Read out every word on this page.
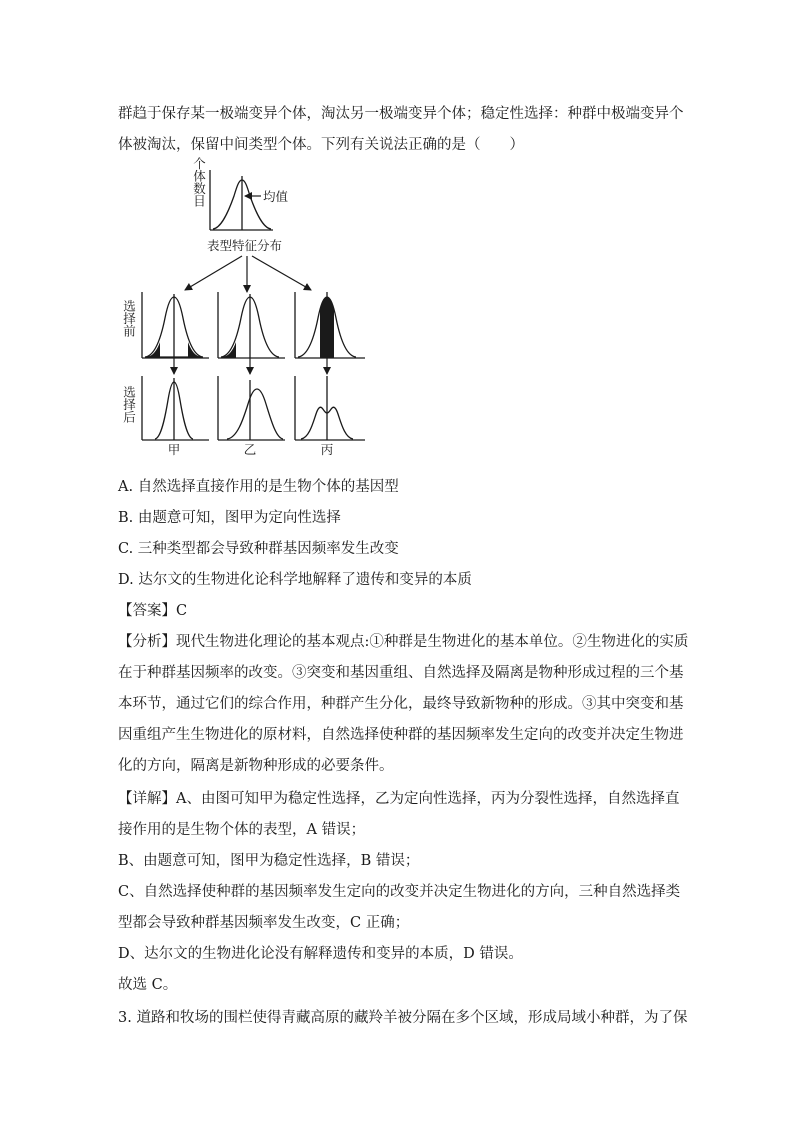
群趋于保存某一极端变异个体，淘汰另一极端变异个体；稳定性选择：种群中极端变异个
体被淘汰，保留中间类型个体。下列有关说法正确的是（　　）
个体数目	均值
表型特征分布
选择前
选择后
甲	乙	丙
A. 自然选择直接作用的是生物个体的基因型
B. 由题意可知，图甲为定向性选择
C. 三种类型都会导致种群基因频率发生改变
D. 达尔文的生物进化论科学地解释了遗传和变异的本质
【答案】C
【分析】现代生物进化理论的基本观点:①种群是生物进化的基本单位。②生物进化的实质
在于种群基因频率的改变。③突变和基因重组、自然选择及隔离是物种形成过程的三个基
本环节，通过它们的综合作用，种群产生分化，最终导致新物种的形成。③其中突变和基
因重组产生生物进化的原材料，自然选择使种群的基因频率发生定向的改变并决定生物进
化的方向，隔离是新物种形成的必要条件。
【详解】A、由图可知甲为稳定性选择，乙为定向性选择，丙为分裂性选择，自然选择直
接作用的是生物个体的表型，A 错误；
B、由题意可知，图甲为稳定性选择，B 错误；
C、自然选择使种群的基因频率发生定向的改变并决定生物进化的方向，三种自然选择类
型都会导致种群基因频率发生改变，C 正确；
D、达尔文的生物进化论没有解释遗传和变异的本质，D 错误。
故选 C。
3. 道路和牧场的围栏使得青藏高原的藏羚羊被分隔在多个区域，形成局域小种群，为了保
